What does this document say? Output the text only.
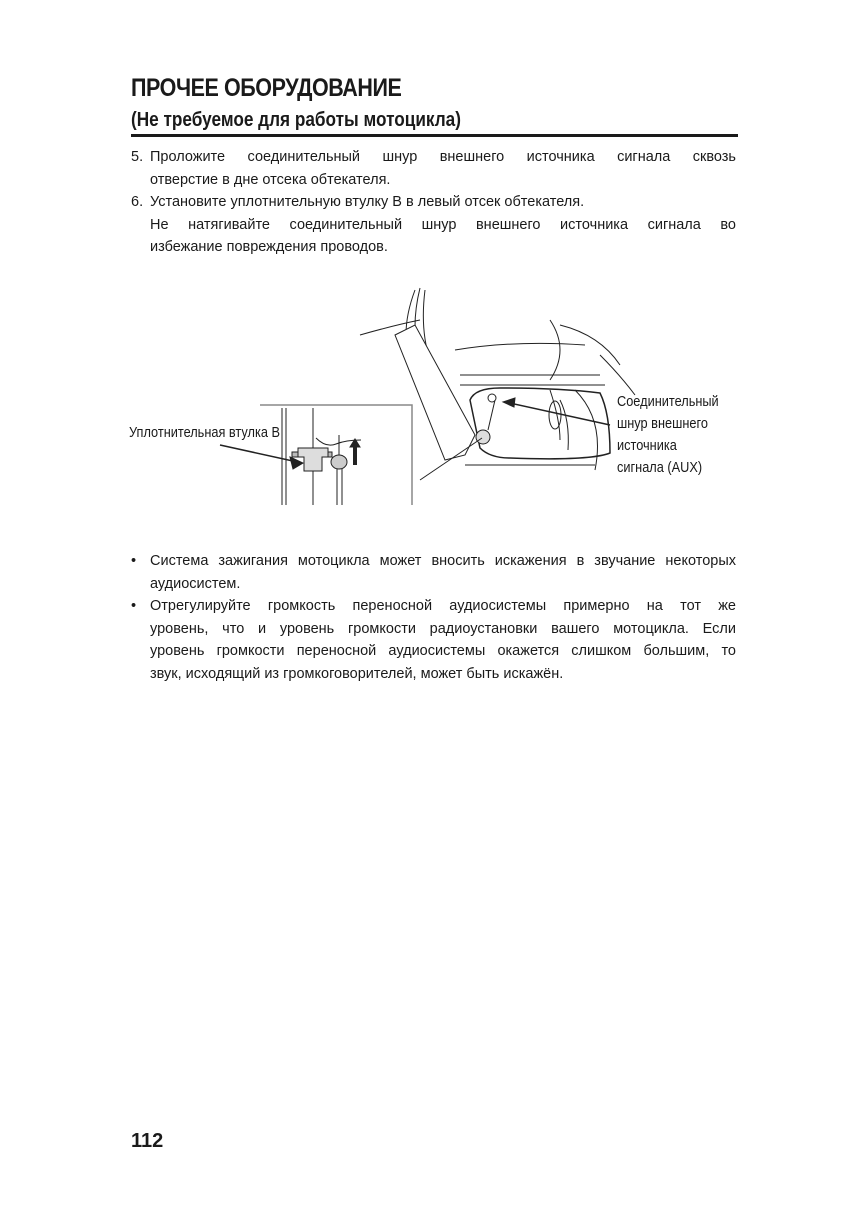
ПРОЧЕЕ ОБОРУДОВАНИЕ
(Не требуемое для работы мотоцикла)
5. Проложите соединительный шнур внешнего источника сигнала сквозь
отверстие в дне отсека обтекателя.
6. Установите уплотнительную втулку B в левый отсек обтекателя.
Не натягивайте соединительный шнур внешнего источника сигнала во
избежание повреждения проводов.
Уплотнительная втулка B
Соединительный
шнур внешнего
источника
сигнала (AUX)
• Система зажигания мотоцикла может вносить искажения в звучание некоторых
аудиосистем.
• Отрегулируйте громкость переносной аудиосистемы примерно на тот же
уровень, что и уровень громкости радиоустановки вашего мотоцикла. Если
уровень громкости переносной аудиосистемы окажется слишком большим, то
звук, исходящий из громкоговорителей, может быть искажён.
112
